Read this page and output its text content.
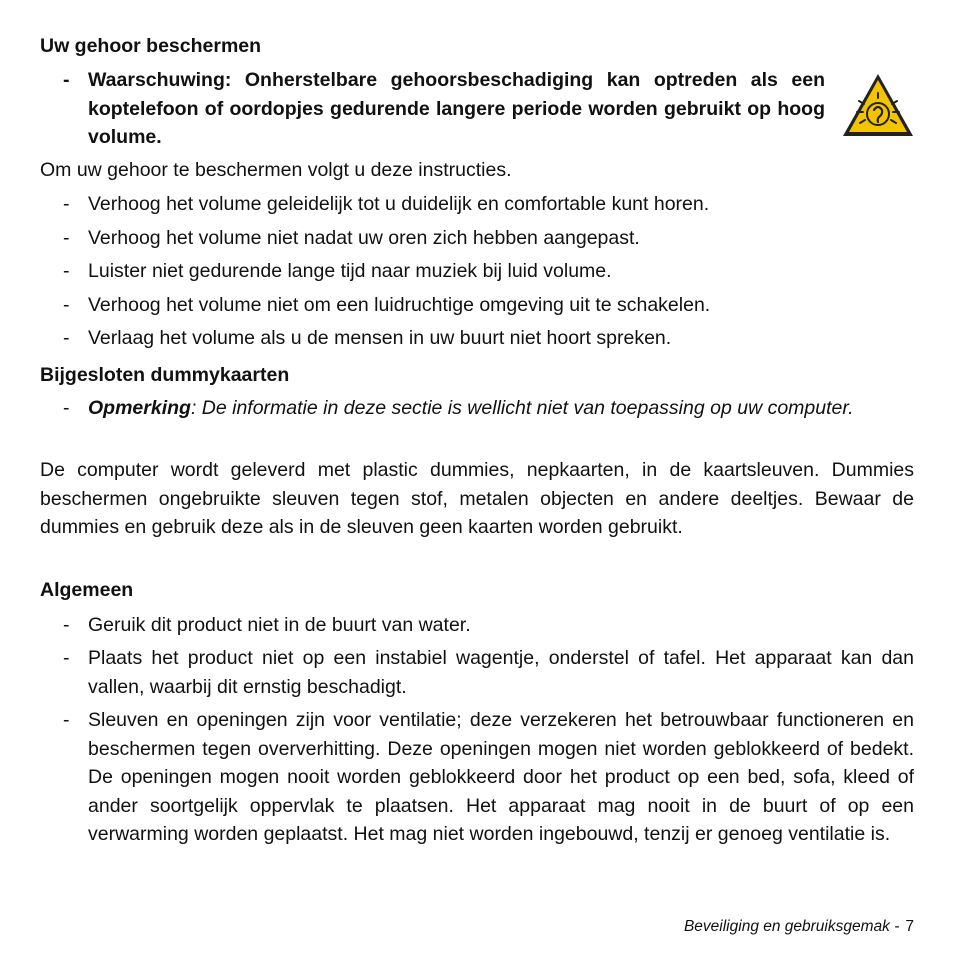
Uw gehoor beschermen
- Waarschuwing: Onherstelbare gehoorsbeschadiging kan optreden als een koptelefoon of oordopjes gedurende langere periode worden gebruikt op hoog volume.
Om uw gehoor te beschermen volgt u deze instructies.
- Verhoog het volume geleidelijk tot u duidelijk en comfortable kunt horen.
- Verhoog het volume niet nadat uw oren zich hebben aangepast.
- Luister niet gedurende lange tijd naar muziek bij luid volume.
- Verhoog het volume niet om een luidruchtige omgeving uit te schakelen.
- Verlaag het volume als u de mensen in uw buurt niet hoort spreken.
Bijgesloten dummykaarten
- Opmerking: De informatie in deze sectie is wellicht niet van toepassing op uw computer.
De computer wordt geleverd met plastic dummies, nepkaarten, in de kaartsleuven. Dummies beschermen ongebruikte sleuven tegen stof, metalen objecten en andere deeltjes. Bewaar de dummies en gebruik deze als in de sleuven geen kaarten worden gebruikt.
Algemeen
- Geruik dit product niet in de buurt van water.
- Plaats het product niet op een instabiel wagentje, onderstel of tafel. Het apparaat kan dan vallen, waarbij dit ernstig beschadigt.
- Sleuven en openingen zijn voor ventilatie; deze verzekeren het betrouwbaar functioneren en beschermen tegen oververhitting. Deze openingen mogen niet worden geblokkeerd of bedekt. De openingen mogen nooit worden geblokkeerd door het product op een bed, sofa, kleed of ander soortgelijk oppervlak te plaatsen. Het apparaat mag nooit in de buurt of op een verwarming worden geplaatst. Het mag niet worden ingebouwd, tenzij er genoeg ventilatie is.
Beveiliging en gebruiksgemak - 7
